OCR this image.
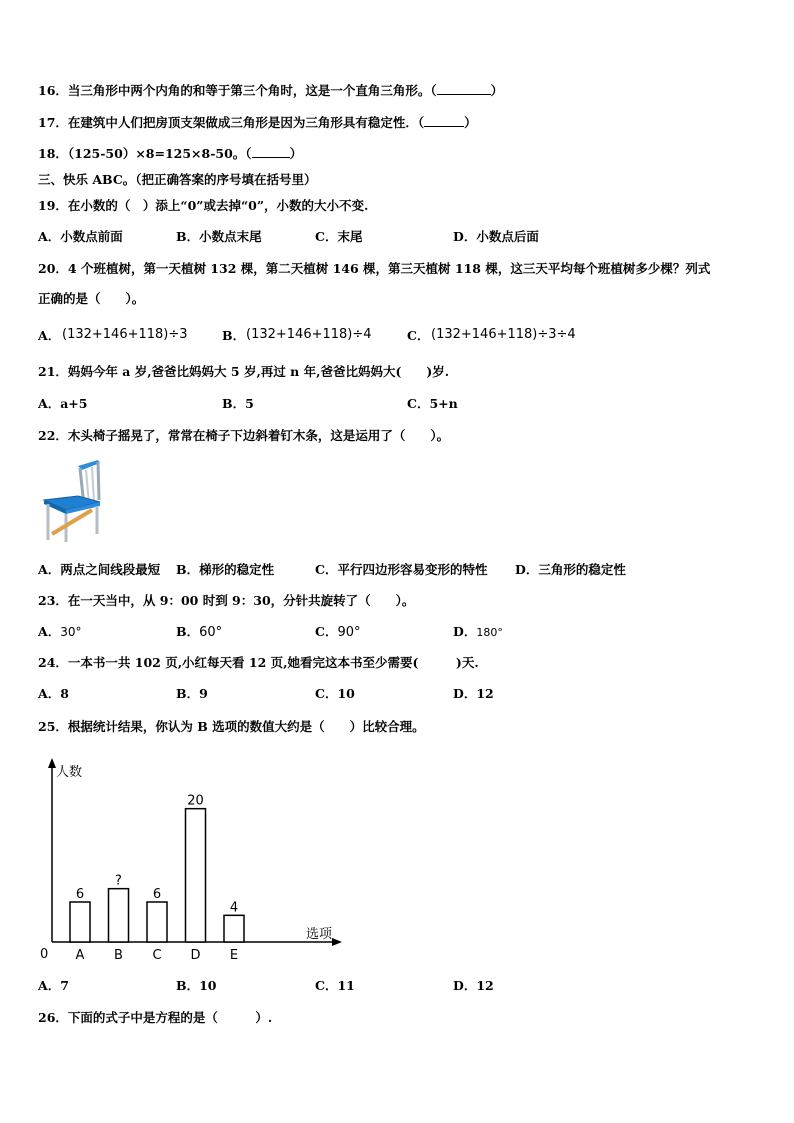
16．当三角形中两个内角的和等于第三个角时，这是一个直角三角形。（	）
17．在建筑中人们把房顶支架做成三角形是因为三角形具有稳定性．（	）
18．（125-50）×8=125×8-50。（	）
三、快乐 ABC。（把正确答案的序号填在括号里）
19．在小数的（　）添上“0”或去掉“0”，小数的大小不变.
A．小数点前面	B．小数点末尾	C．末尾	D．小数点后面
20．4 个班植树，第一天植树 132 棵，第二天植树 146 棵，第三天植树 118 棵，这三天平均每个班植树多少棵？列式
正确的是（　　）。
A． (132+146+118)÷3	B． (132+146+118)÷4	C． (132+146+118)÷3÷4
21．妈妈今年 a 岁,爸爸比妈妈大 5 岁,再过 n 年,爸爸比妈妈大(　　)岁.
A．a+5	B．5	C．5+n
22．木头椅子摇晃了，常常在椅子下边斜着钉木条，这是运用了（　　）。
A．两点之间线段最短 B．梯形的稳定性	C．平行四边形容易变形的特性 D．三角形的稳定性
23．在一天当中，从 9：00 时到 9：30，分针共旋转了（　　）。
A．30°	B．60°	C．90°	D．180°
24．一本书一共 102 页,小红每天看 12 页,她看完这本书至少需要(　　　)天.
A．8	B．9	C．10	D．12
25．根据统计结果，你认为 B 选项的数值大约是（　　）比较合理。
人数
选项
0
6
A
?
B
6
C
20
D
4
E
A．7	B．10	C．11	D．12
26．下面的式子中是方程的是（　　　）.
